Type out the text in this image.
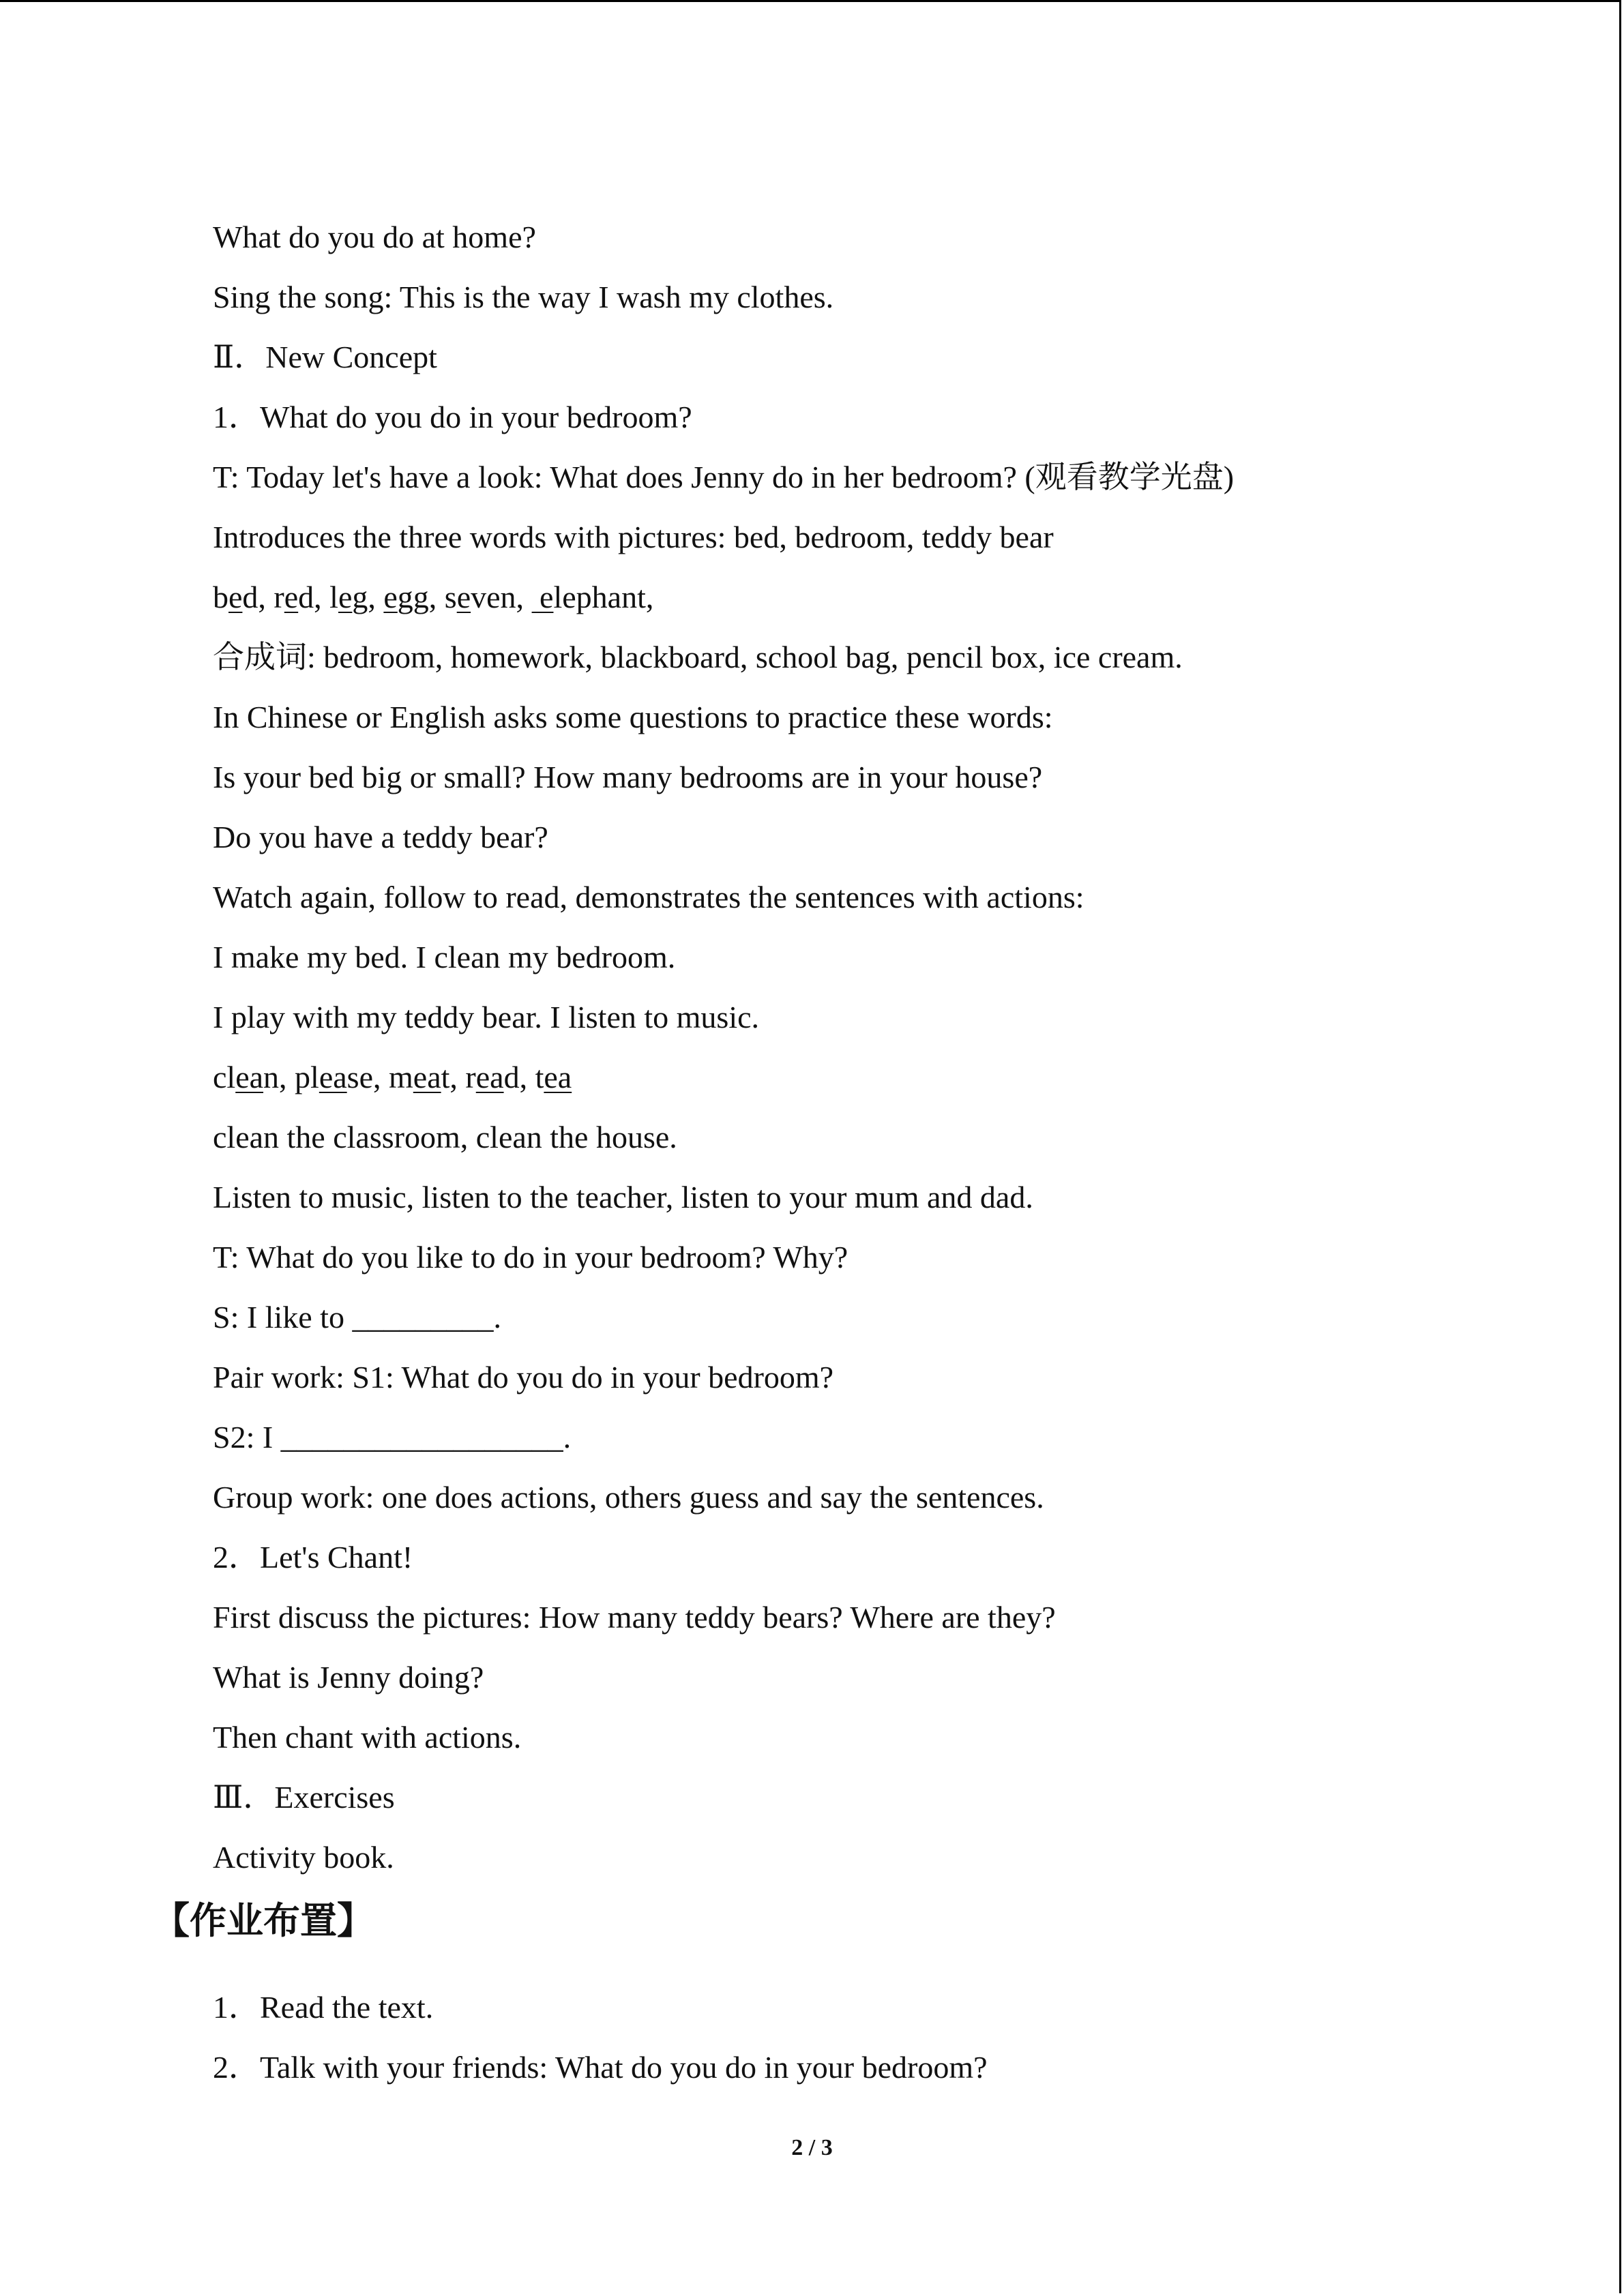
What do you do at home?
Sing the song: This is the way I wash my clothes.
Ⅱ．New Concept
1．What do you do in your bedroom?
T: Today let's have a look: What does Jenny do in her bedroom? (观看教学光盘)
Introduces the three words with pictures: bed, bedroom, teddy bear
bed, red, leg, egg, seven,  elephant,
合成词: bedroom, homework, blackboard, school bag, pencil box, ice cream.
In Chinese or English asks some questions to practice these words:
Is your bed big or small? How many bedrooms are in your house?
Do you have a teddy bear?
Watch again, follow to read, demonstrates the sentences with actions:
I make my bed. I clean my bedroom.
I play with my teddy bear. I listen to music.
clean, please, meat, read, tea
clean the classroom, clean the house.
Listen to music, listen to the teacher, listen to your mum and dad.
T: What do you like to do in your bedroom? Why?
S: I like to _________.
Pair work: S1: What do you do in your bedroom?
S2: I __________________.
Group work: one does actions, others guess and say the sentences.
2．Let's Chant!
First discuss the pictures: How many teddy bears? Where are they?
What is Jenny doing?
Then chant with actions.
Ⅲ．Exercises
Activity book.
【作业布置】
1．Read the text.
2．Talk with your friends: What do you do in your bedroom?
2 / 3
